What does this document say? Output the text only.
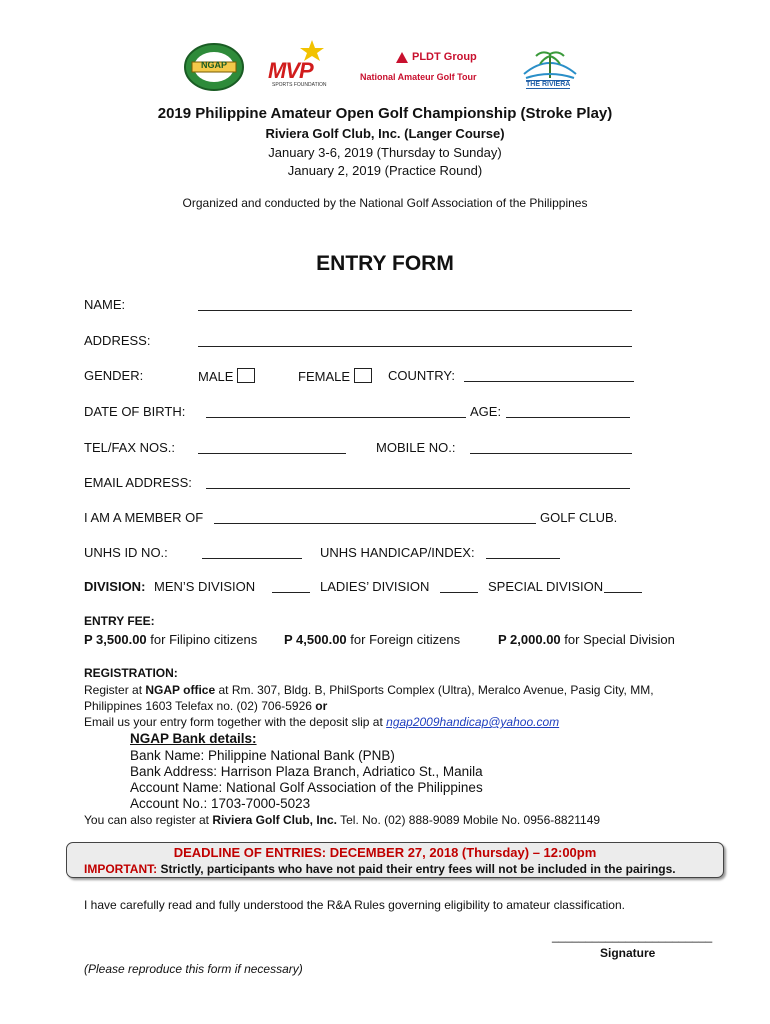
NGAP	MVP
SPORTS FOUNDATION
PLDT Group
National Amateur Golf Tour
THE RIVIERA
2019 Philippine Amateur Open Golf Championship (Stroke Play)
Riviera Golf Club, Inc. (Langer Course)
January 3-6, 2019 (Thursday to Sunday)
January 2, 2019 (Practice Round)
Organized and conducted by the National Golf Association of the Philippines
ENTRY FORM
NAME:
ADDRESS:
GENDER:	MALE	FEMALE	COUNTRY:
DATE OF BIRTH:	AGE:
TEL/FAX NOS.:	MOBILE NO.:
EMAIL ADDRESS:
I AM A MEMBER OF	GOLF CLUB.
UNHS ID NO.:	UNHS HANDICAP/INDEX:
DIVISION: MEN’S DIVISION	LADIES’ DIVISION	SPECIAL DIVISION
ENTRY FEE:
P 3,500.00 for Filipino citizens P 4,500.00 for Foreign citizens	P 2,000.00 for Special Division
REGISTRATION:
Register at NGAP office at Rm. 307, Bldg. B, PhilSports Complex (Ultra), Meralco Avenue, Pasig City, MM,
Philippines 1603 Telefax no. (02) 706-5926 or
Email us your entry form together with the deposit slip at ngap2009handicap@yahoo.com
NGAP Bank details:
Bank Name: Philippine National Bank (PNB)
Bank Address: Harrison Plaza Branch, Adriatico St., Manila
Account Name: National Golf Association of the Philippines
Account No.: 1703-7000-5023
You can also register at Riviera Golf Club, Inc. Tel. No. (02) 888-9089 Mobile No. 0956-8821149
DEADLINE OF ENTRIES: DECEMBER 27, 2018 (Thursday) – 12:00pm
IMPORTANT: Strictly, participants who have not paid their entry fees will not be included in the pairings.
I have carefully read and fully understood the R&A Rules governing eligibility to amateur classification.
________________________
Signature
(Please reproduce this form if necessary)
